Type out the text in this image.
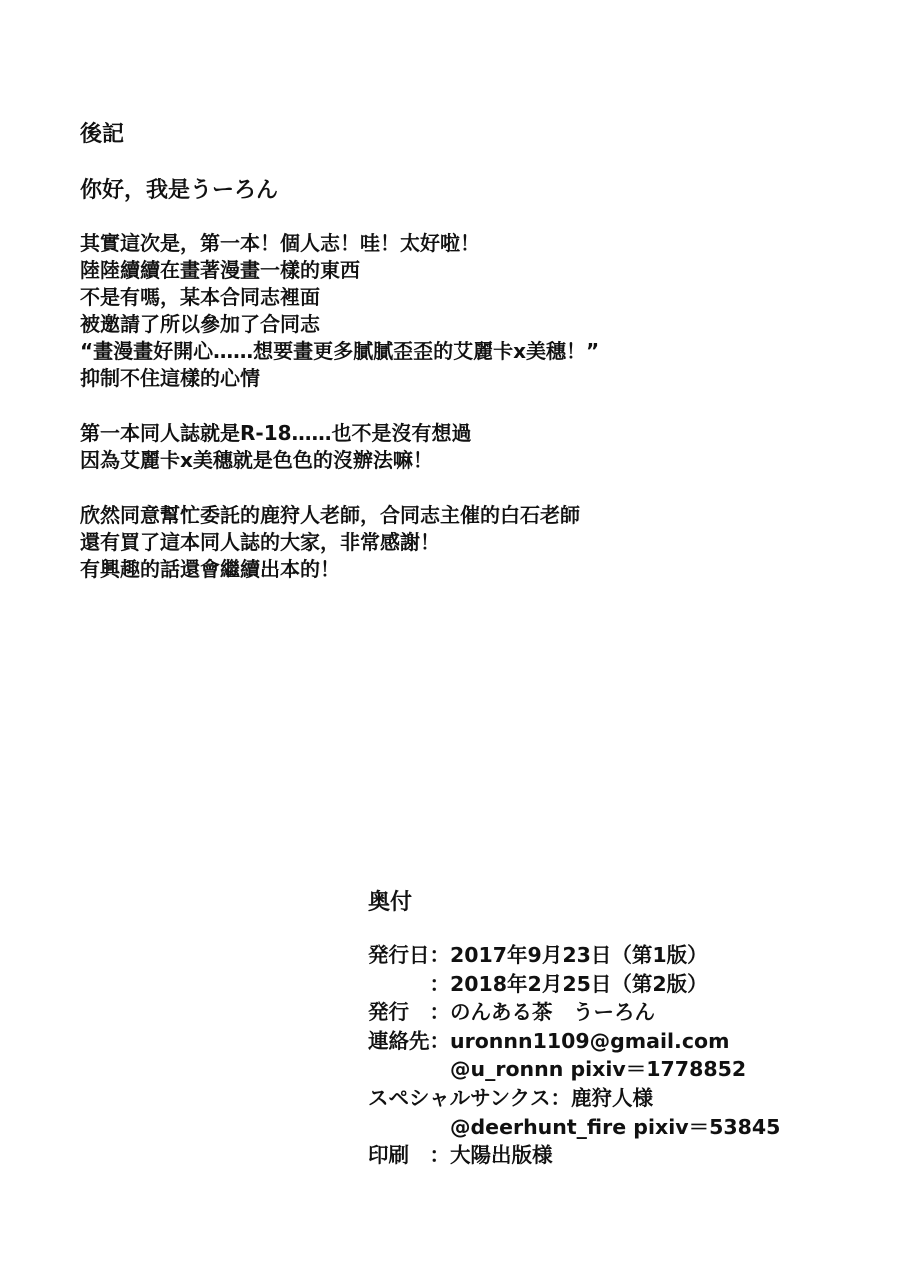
後記
你好，我是うーろん
其實這次是，第一本！個人志！哇！太好啦！
陸陸續續在畫著漫畫一樣的東西
不是有嗎，某本合同志裡面
被邀請了所以參加了合同志
“畫漫畫好開心……想要畫更多膩膩歪歪的艾麗卡x美穗！”
抑制不住這樣的心情
第一本同人誌就是R-18……也不是沒有想過
因為艾麗卡x美穗就是色色的沒辦法嘛！
欣然同意幫忙委託的鹿狩人老師，合同志主催的白石老師
還有買了這本同人誌的大家，非常感謝！
有興趣的話還會繼續出本的！
奥付
発行日：2017年9月23日（第1版）
　　　：2018年2月25日（第2版）
発行　：のんある茶　うーろん
連絡先：uronnn1109@gmail.com
　　　　@u_ronnn pixiv＝1778852
スペシャルサンクス：鹿狩人様
　　　　@deerhunt_fire pixiv＝53845
印刷　：大陽出版様
